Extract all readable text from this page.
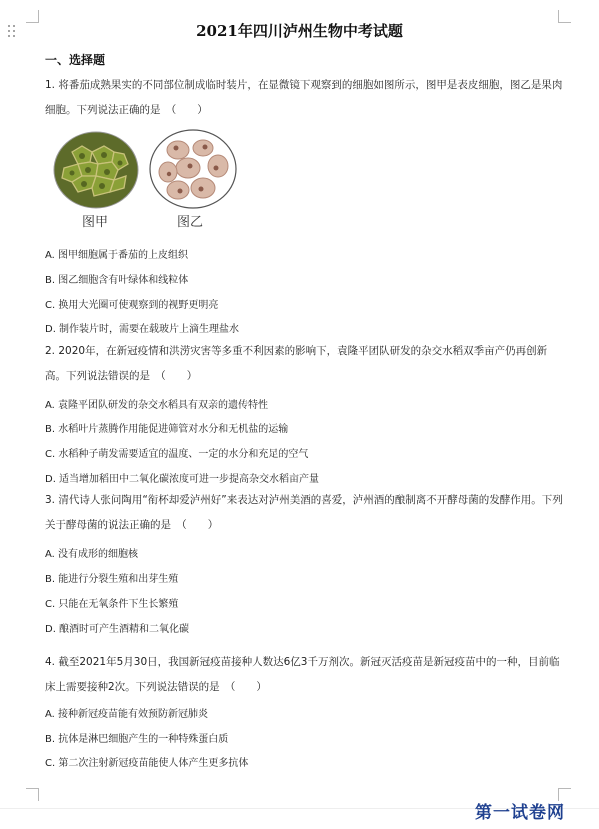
2021年四川泸州生物中考试题
一、选择题
1. 将番茄成熟果实的不同部位制成临时装片，在显微镜下观察到的细胞如图所示，图甲是表皮细胞，图乙是果肉细胞。下列说法正确的是　（　　）
图甲	图乙
A. 图甲细胞属于番茄的上皮组织
B. 图乙细胞含有叶绿体和线粒体
C. 换用大光圈可使观察到的视野更明亮
D. 制作装片时，需要在载玻片上滴生理盐水
2. 2020年，在新冠疫情和洪涝灾害等多重不利因素的影响下，袁隆平团队研发的杂交水稻双季亩产仍再创新高。下列说法错误的是　（　　）
A. 袁隆平团队研发的杂交水稻具有双亲的遗传特性
B. 水稻叶片蒸腾作用能促进筛管对水分和无机盐的运输
C. 水稻种子萌发需要适宜的温度、一定的水分和充足的空气
D. 适当增加稻田中二氧化碳浓度可进一步提高杂交水稻亩产量
3. 清代诗人张问陶用“衔杯却爱泸州好”来表达对泸州美酒的喜爱，泸州酒的酿制离不开酵母菌的发酵作用。下列关于酵母菌的说法正确的是　（　　）
A. 没有成形的细胞核
B. 能进行分裂生殖和出芽生殖
C. 只能在无氧条件下生长繁殖
D. 酿酒时可产生酒精和二氧化碳
4. 截至2021年5月30日，我国新冠疫苗接种人数达6亿3千万剂次。新冠灭活疫苗是新冠疫苗中的一种，目前临床上需要接种2次。下列说法错误的是　（　　）
A. 接种新冠疫苗能有效预防新冠肺炎
B. 抗体是淋巴细胞产生的一种特殊蛋白质
C. 第二次注射新冠疫苗能使人体产生更多抗体
第一试卷网
